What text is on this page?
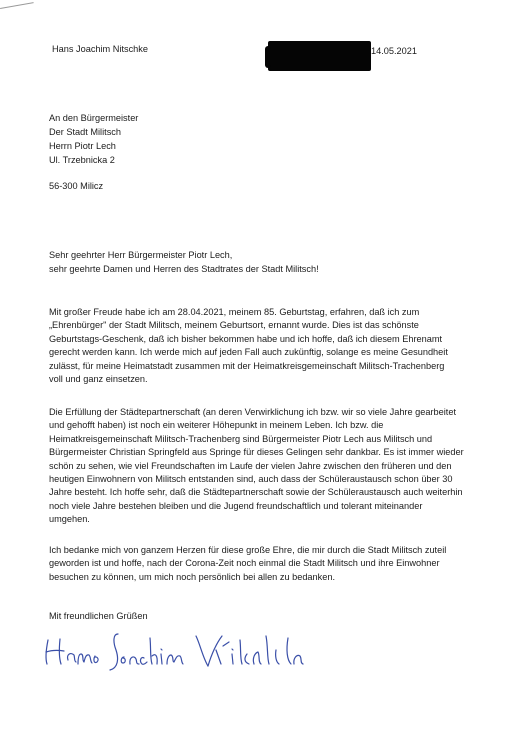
Hans Joachim Nitschke	14.05.2021
An den Bürgermeister
Der Stadt Militsch
Herrn Piotr Lech
Ul. Trzebnicka 2
56-300 Milicz
Sehr geehrter Herr Bürgermeister Piotr Lech,
sehr geehrte Damen und Herren des Stadtrates der Stadt Militsch!
Mit großer Freude habe ich am 28.04.2021, meinem 85. Geburtstag, erfahren, daß ich zum
„Ehrenbürger" der Stadt Militsch, meinem Geburtsort, ernannt wurde. Dies ist das schönste
Geburtstags-Geschenk, daß ich bisher bekommen habe und ich hoffe, daß ich diesem Ehrenamt
gerecht werden kann. Ich werde mich auf jeden Fall auch zukünftig, solange es meine Gesundheit
zulässt, für meine Heimatstadt zusammen mit der Heimatkreisgemeinschaft Militsch-Trachenberg
voll und ganz einsetzen.
Die Erfüllung der Städtepartnerschaft (an deren Verwirklichung ich bzw. wir so viele Jahre gearbeitet
und gehofft haben) ist noch ein weiterer Höhepunkt in meinem Leben. Ich bzw. die
Heimatkreisgemeinschaft Militsch-Trachenberg sind Bürgermeister Piotr Lech aus Militsch und
Bürgermeister Christian Springfeld aus Springe für dieses Gelingen sehr dankbar. Es ist immer wieder
schön zu sehen, wie viel Freundschaften im Laufe der vielen Jahre zwischen den früheren und den
heutigen Einwohnern von Militsch entstanden sind, auch dass der Schüleraustausch schon über 30
Jahre besteht. Ich hoffe sehr, daß die Städtepartnerschaft sowie der Schüleraustausch auch weiterhin
noch viele Jahre bestehen bleiben und die Jugend freundschaftlich und tolerant miteinander
umgehen.
Ich bedanke mich von ganzem Herzen für diese große Ehre, die mir durch die Stadt Militsch zuteil
geworden ist und hoffe, nach der Corona-Zeit noch einmal die Stadt Militsch und ihre Einwohner
besuchen zu können, um mich noch persönlich bei allen zu bedanken.
Mit freundlichen Grüßen
